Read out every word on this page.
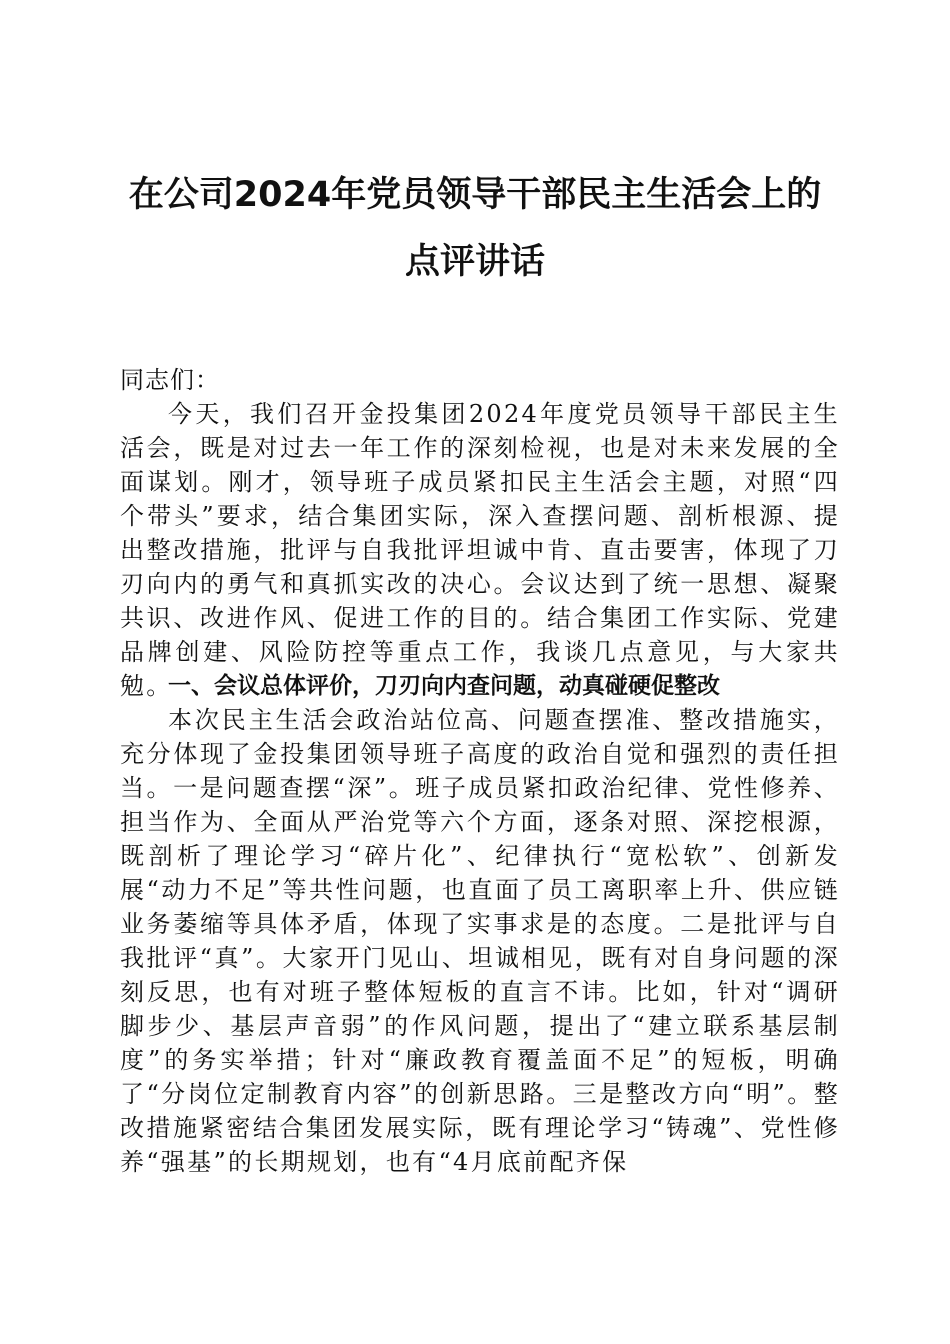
在公司2024年党员领导干部民主生活会上的
点评讲话
同志们：
今天，我们召开金投集团2024年度党员领导干部民主生活会，既是对过去一年工作的深刻检视，也是对未来发展的全面谋划。刚才，领导班子成员紧扣民主生活会主题，对照“四个带头”要求，结合集团实际，深入查摆问题、剖析根源、提出整改措施，批评与自我批评坦诚中肯、直击要害，体现了刀刃向内的勇气和真抓实改的决心。会议达到了统一思想、凝聚共识、改进作风、促进工作的目的。结合集团工作实际、党建品牌创建、风险防控等重点工作，我谈几点意见，与大家共勉。
一、会议总体评价，刀刃向内查问题，动真碰硬促整改
本次民主生活会政治站位高、问题查摆准、整改措施实，充分体现了金投集团领导班子高度的政治自觉和强烈的责任担当。一是问题查摆“深”。班子成员紧扣政治纪律、党性修养、担当作为、全面从严治党等六个方面，逐条对照、深挖根源，既剖析了理论学习“碎片化”、纪律执行“宽松软”、创新发展“动力不足”等共性问题，也直面了员工离职率上升、供应链业务萎缩等具体矛盾，体现了实事求是的态度。二是批评与自我批评“真”。大家开门见山、坦诚相见，既有对自身问题的深刻反思，也有对班子整体短板的直言不讳。比如，针对“调研脚步少、基层声音弱”的作风问题，提出了“建立联系基层制度”的务实举措；针对“廉政教育覆盖面不足”的短板，明确了“分岗位定制教育内容”的创新思路。三是整改方向“明”。整改措施紧密结合集团发展实际，既有理论学习“铸魂”、党性修养“强基”的长期规划，也有“4月底前配齐保
